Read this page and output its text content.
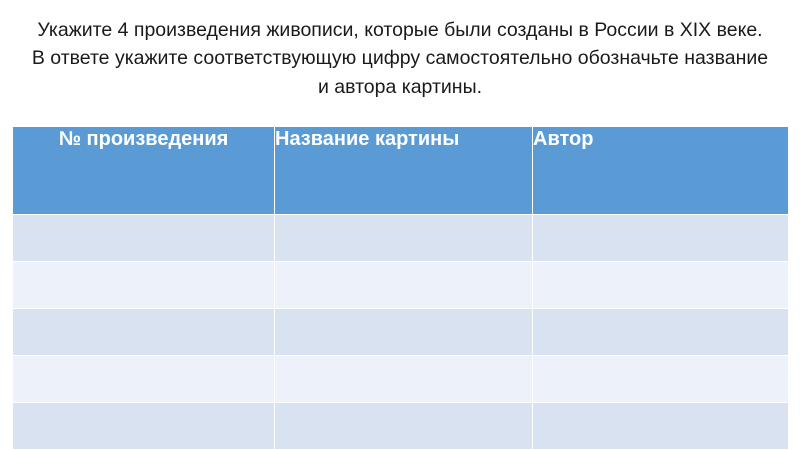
Укажите 4 произведения живописи, которые были созданы в России в XIX веке. В ответе укажите соответствующую цифру самостоятельно обозначьте название и автора картины.
№ произведения	Название картины	Автор
